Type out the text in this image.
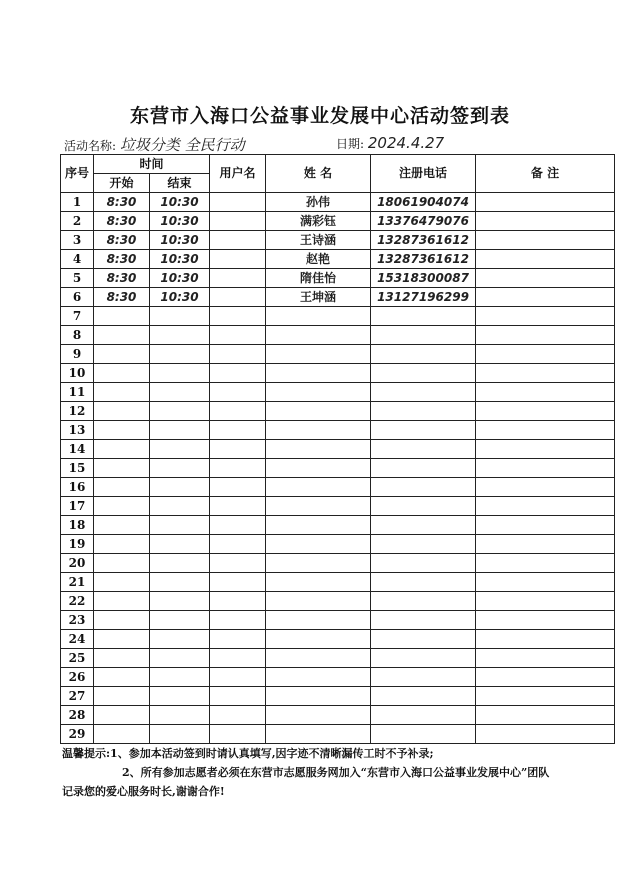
东营市入海口公益事业发展中心活动签到表
活动名称: 垃圾分类 全民行动	日期: 2024.4.27
序号	时间		用户名	姓 名	注册电话	备 注
	开始	结束				
1	8:30	10:30		孙伟	18061904074	
2	8:30	10:30		满彩钰	13376479076	
3	8:30	10:30		王诗涵	13287361612	
4	8:30	10:30		赵艳	13287361612	
5	8:30	10:30		隋佳怡	15318300087	
6	8:30	10:30		王坤涵	13127196299	
7						
8						
9						
10						
11						
12						
13						
14						
15						
16						
17						
18						
19						
20						
21						
22						
23						
24						
25						
26						
27						
28						
29						

温馨提示:1、参加本活动签到时请认真填写,因字迹不清晰漏传工时不予补录;

2、所有参加志愿者必须在东营市志愿服务网加入“东营市入海口公益事业发展中心”团队

记录您的爱心服务时长,谢谢合作!
